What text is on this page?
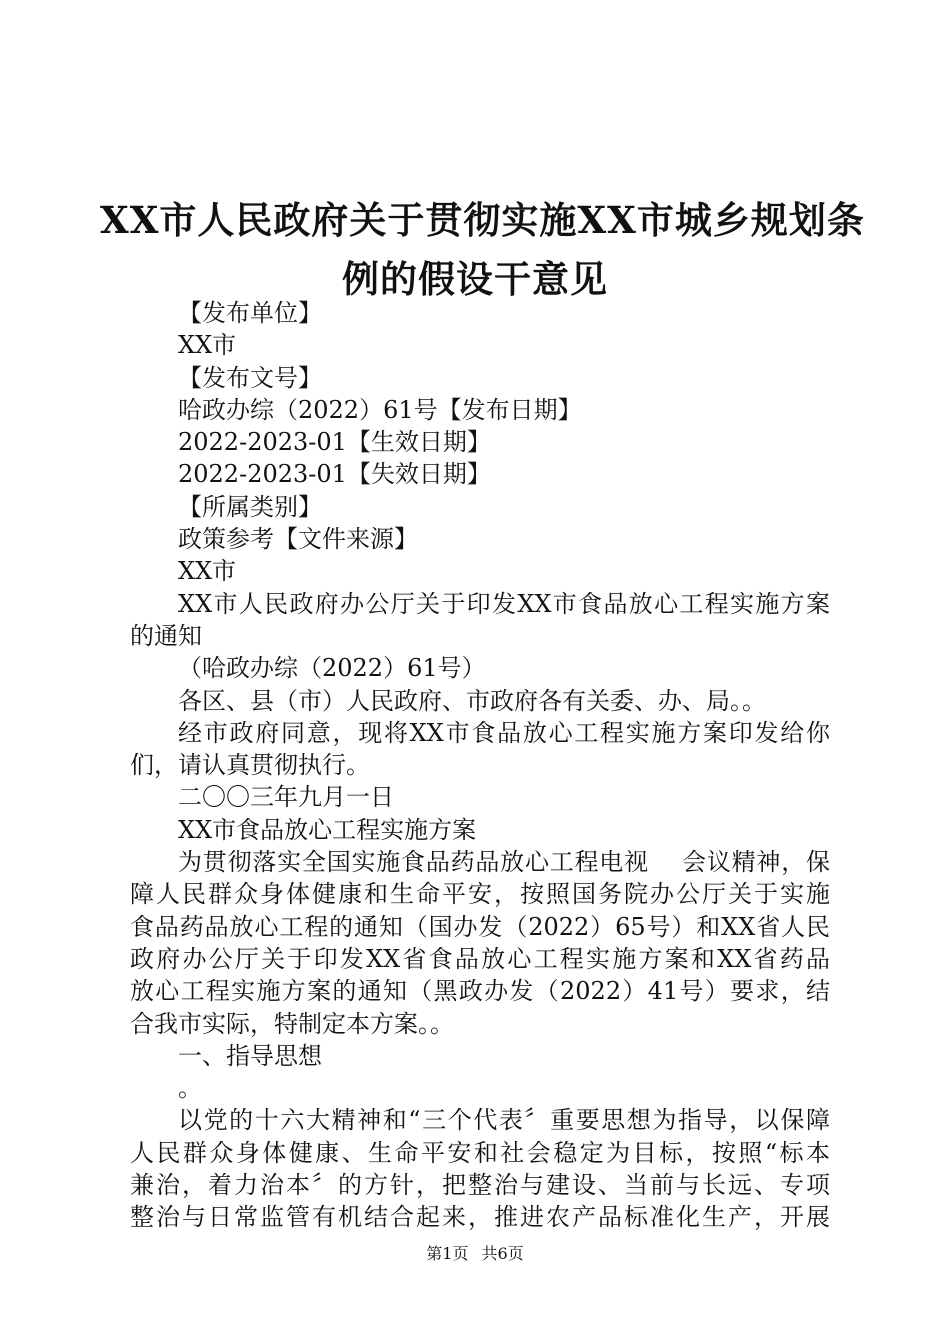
XX市人民政府关于贯彻实施XX市城乡规划条
例的假设干意见
【发布单位】
XX市
【发布文号】
哈政办综（2022）61号【发布日期】
2022-2023-01【生效日期】
2022-2023-01【失效日期】
【所属类别】
政策参考【文件来源】
XX市
XX市人民政府办公厅关于印发XX市食品放心工程实施方案
的通知
（哈政办综（2022）61号）
各区、县（市）人民政府、市政府各有关委、办、局。。
经市政府同意，现将XX市食品放心工程实施方案印发给你
们，请认真贯彻执行。
二〇〇三年九月一日
XX市食品放心工程实施方案
为贯彻落实全国实施食品药品放心工程电视　 会议精神，保
障人民群众身体健康和生命平安，按照国务院办公厅关于实施
食品药品放心工程的通知（国办发（2022）65号）和XX省人民
政府办公厅关于印发XX省食品放心工程实施方案和XX省药品
放心工程实施方案的通知（黑政办发（2022）41号）要求，结
合我市实际，特制定本方案。。
一、指导思想
。
以党的十六大精神和“三个代表〞重要思想为指导，以保障
人民群众身体健康、生命平安和社会稳定为目标，按照“标本
兼治，着力治本〞的方针，把整治与建设、当前与长远、专项
整治与日常监管有机结合起来，推进农产品标准化生产，开展
第1页 共6页
